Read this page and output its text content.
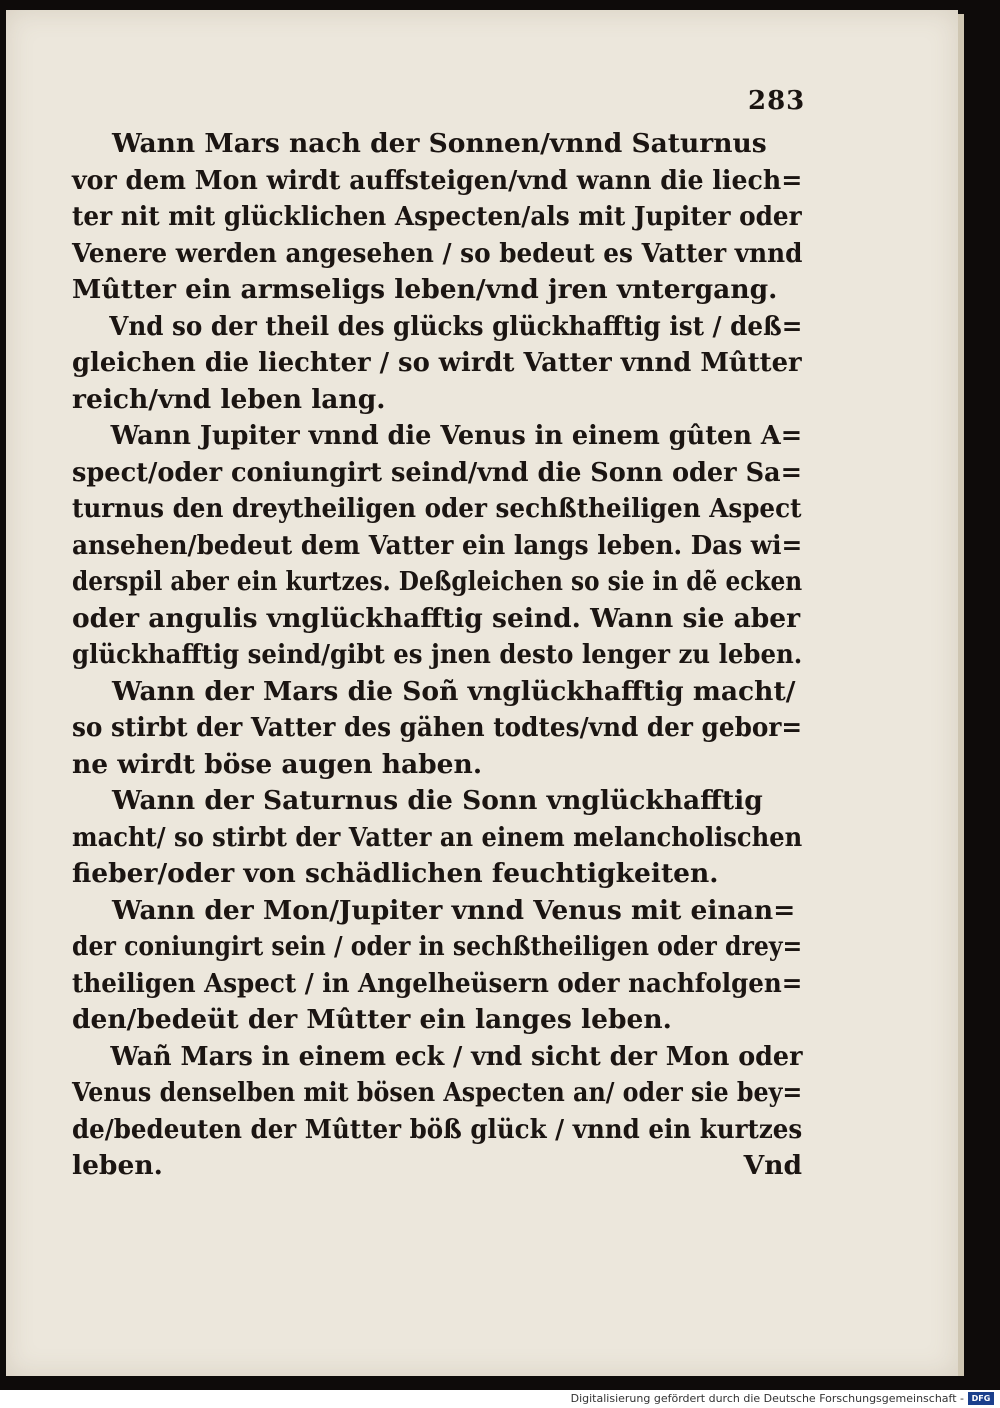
283
Wann Mars nach der Sonnen/vnnd Saturnus
vor dem Mon wirdt auffsteigen/vnd wann die liech=
ter nit mit glücklichen Aspecten/als mit Jupiter oder
Venere werden angesehen / so bedeut es Vatter vnnd
Mûtter ein armseligs leben/vnd jren vntergang.
Vnd so der theil des glücks glückhafftig ist / deß=
gleichen die liechter / so wirdt Vatter vnnd Mûtter
reich/vnd leben lang.
Wann Jupiter vnnd die Venus in einem gûten A=
spect/oder coniungirt seind/vnd die Sonn oder Sa=
turnus den dreytheiligen oder sechßtheiligen Aspect
ansehen/bedeut dem Vatter ein langs leben. Das wi=
derspil aber ein kurtzes. Deßgleichen so sie in dẽ ecken
oder angulis vnglückhafftig seind. Wann sie aber
glückhafftig seind/gibt es jnen desto lenger zu leben.
Wann der Mars die Soñ vnglückhafftig macht/
so stirbt der Vatter des gähen todtes/vnd der gebor=
ne wirdt böse augen haben.
Wann der Saturnus die Sonn vnglückhafftig
macht/ so stirbt der Vatter an einem melancholischen
fieber/oder von schädlichen feuchtigkeiten.
Wann der Mon/Jupiter vnnd Venus mit einan=
der coniungirt sein / oder in sechßtheiligen oder drey=
theiligen Aspect / in Angelheüsern oder nachfolgen=
den/bedeüt der Mûtter ein langes leben.
Wañ Mars in einem eck / vnd sicht der Mon oder
Venus denselben mit bösen Aspecten an/ oder sie bey=
de/bedeuten der Mûtter böß glück / vnnd ein kurtzes
leben.	Vnd
Digitalisierung gefördert durch die Deutsche Forschungsgemeinschaft - DFG
